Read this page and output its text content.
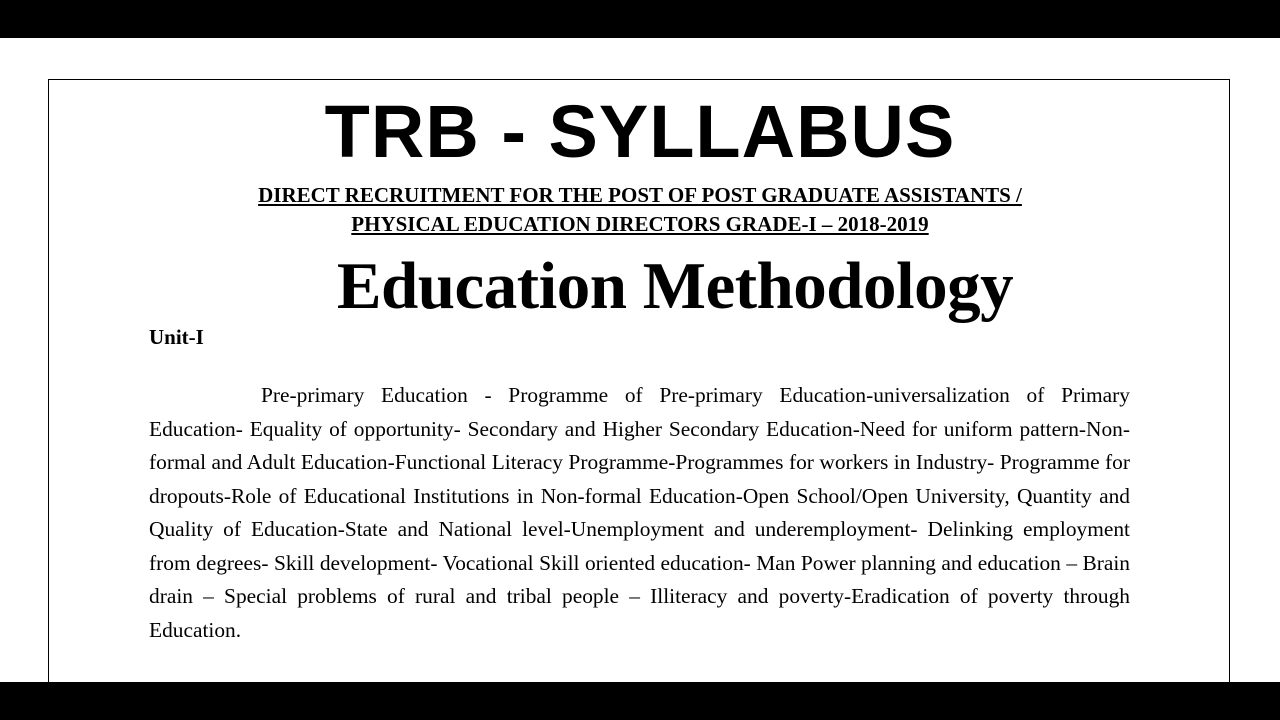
TRB - SYLLABUS

DIRECT RECRUITMENT FOR THE POST OF POST GRADUATE ASSISTANTS /

PHYSICAL EDUCATION DIRECTORS GRADE-I – 2018-2019

Education Methodology
Unit-I

Pre-primary Education - Programme of Pre-primary Education-universalization of Primary Education- Equality of opportunity- Secondary and Higher Secondary Education-Need for uniform pattern-Non-formal and Adult Education-Functional Literacy Programme-Programmes for workers in Industry- Programme for dropouts-Role of Educational Institutions in Non-formal Education-Open School/Open University, Quantity and Quality of Education-State and National level-Unemployment and underemployment- Delinking employment from degrees- Skill development- Vocational Skill oriented education- Man Power planning and education – Brain drain – Special problems of rural and tribal people – Illiteracy and poverty-Eradication of poverty through Education.
